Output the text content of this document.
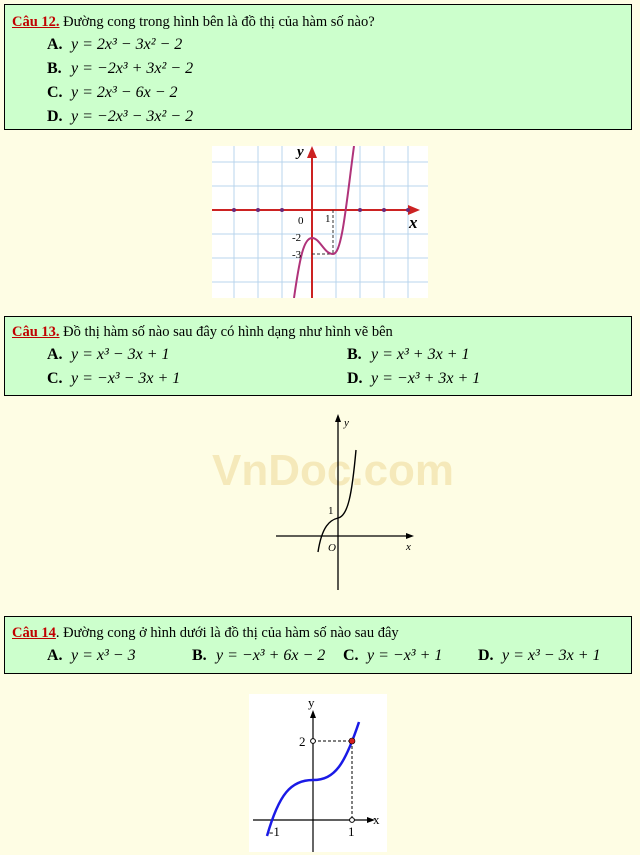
Câu 12. Đường cong trong hình bên là đồ thị của hàm số nào?
A. y = 2x³ − 3x² − 2
B. y = −2x³ + 3x² − 2
C. y = 2x³ − 6x − 2
D. y = −2x³ − 3x² − 2
y
x
0 1
-2
-3
Câu 13. Đồ thị hàm số nào sau đây có hình dạng như hình vẽ bên
A. y = x³ − 3x + 1	B. y = x³ + 3x + 1
C. y = −x³ − 3x + 1	D. y = −x³ + 3x + 1
VnDoc.com
y
x
O
1
Câu 14. Đường cong ở hình dưới là đồ thị của hàm số nào sau đây
A. y = x³ − 3	B. y = −x³ + 6x − 2 C. y = −x³ + 1 D. y = x³ − 3x + 1
y
x
2
1
-1
